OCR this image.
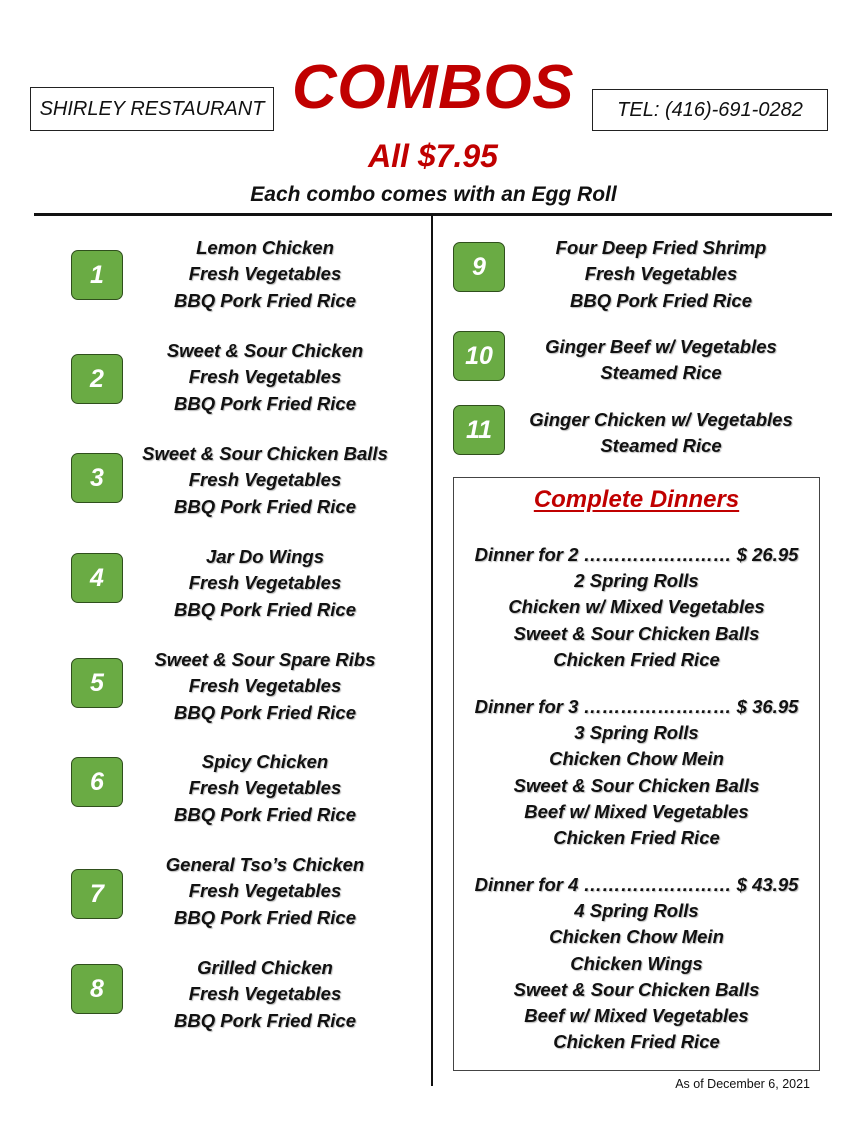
SHIRLEY RESTAURANT COMBOS	TEL: (416)-691-0282
All $7.95
Each combo comes with an Egg Roll
1
Lemon Chicken
Fresh Vegetables
BBQ Pork Fried Rice
2
Sweet & Sour Chicken
Fresh Vegetables
BBQ Pork Fried Rice
3
Sweet & Sour Chicken Balls
Fresh Vegetables
BBQ Pork Fried Rice
4
Jar Do Wings
Fresh Vegetables
BBQ Pork Fried Rice
5
Sweet & Sour Spare Ribs
Fresh Vegetables
BBQ Pork Fried Rice
6
Spicy Chicken
Fresh Vegetables
BBQ Pork Fried Rice
7
General Tso’s Chicken
Fresh Vegetables
BBQ Pork Fried Rice
8
Grilled Chicken
Fresh Vegetables
BBQ Pork Fried Rice
9
Four Deep Fried Shrimp
Fresh Vegetables
BBQ Pork Fried Rice
10	Ginger Beef w/ Vegetables
Steamed Rice
11	Ginger Chicken w/ Vegetables
Steamed Rice
Complete Dinners
Dinner for 2 …………………… $ 26.95
2 Spring Rolls
Chicken w/ Mixed Vegetables
Sweet & Sour Chicken Balls
Chicken Fried Rice
Dinner for 3 …………………… $ 36.95
3 Spring Rolls
Chicken Chow Mein
Sweet & Sour Chicken Balls
Beef w/ Mixed Vegetables
Chicken Fried Rice
Dinner for 4 …………………… $ 43.95
4 Spring Rolls
Chicken Chow Mein
Chicken Wings
Sweet & Sour Chicken Balls
Beef w/ Mixed Vegetables
Chicken Fried Rice
As of December 6, 2021
